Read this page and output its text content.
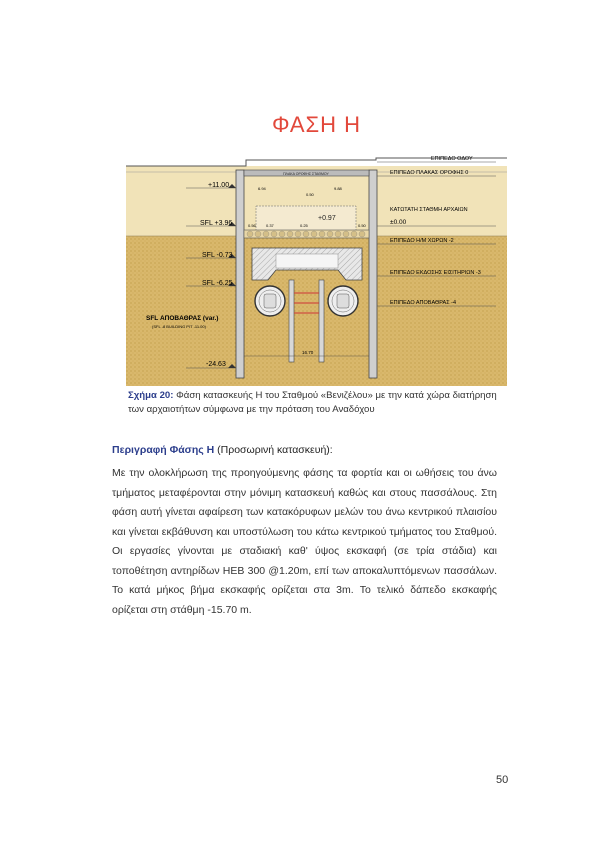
ΦΑΣΗ Η
ΠΛΑΚΑ ΟΡΟΦΗΣ ΣΤΑΘΜΟΥ
+11.00
SFL +3.96
SFL -0.73
SFL -6.25
SFL ΑΠΟΒΑΘΡΑΣ (var.)
(SFL -8 BUILDING PIT -11.00)
-24.63
ΕΠΙΠΕΔΟ ΟΔΟΥ
ΕΠΙΠΕΔΟ ΠΛΑΚΑΣ ΟΡΟΦΗΣ 0
ΚΑΤΩΤΑΤΗ ΣΤΑΘΜΗ ΑΡΧΑΙΩΝ
±0.00
ΕΠΙΠΕΔΟ Η/Μ ΧΩΡΩΝ -2
ΕΠΙΠΕΔΟ ΕΚΔΟΣΗΣ ΕΙΣΙΤΗΡΙΩΝ -3
ΕΠΙΠΕΔΟ ΑΠΟΒΑΘΡΑΣ -4
6.94	9.88
0.50
+0.97
0.37	0.25
0.56	0.50
16.70
Σχήμα 20: Φάση κατασκευής Η του Σταθμού «Βενιζέλου» με την κατά χώρα διατήρηση των αρχαιοτήτων σύμφωνα με την πρόταση του Αναδόχου
Περιγραφή Φάσης Η (Προσωρινή κατασκευή):
Με την ολοκλήρωση της προηγούμενης φάσης τα φορτία και οι ωθήσεις του άνω τμήματος μεταφέρονται στην μόνιμη κατασκευή καθώς και στους πασσάλους. Στη φάση αυτή γίνεται αφαίρεση των κατακόρυφων μελών του άνω κεντρικού πλαισίου και γίνεται εκβάθυνση και υποστύλωση του κάτω κεντρικού τμήματος του Σταθμού. Οι εργασίες γίνονται με σταδιακή καθ' ύψος εκσκαφή (σε τρία στάδια) και τοποθέτηση αντηρίδων HEB 300 @1.20m, επί των αποκαλυπτόμενων πασσάλων. Το κατά μήκος βήμα εκσκαφής ορίζεται στα 3m. Το τελικό δάπεδο εκσκαφής ορίζεται στη στάθμη -15.70 m.
50
